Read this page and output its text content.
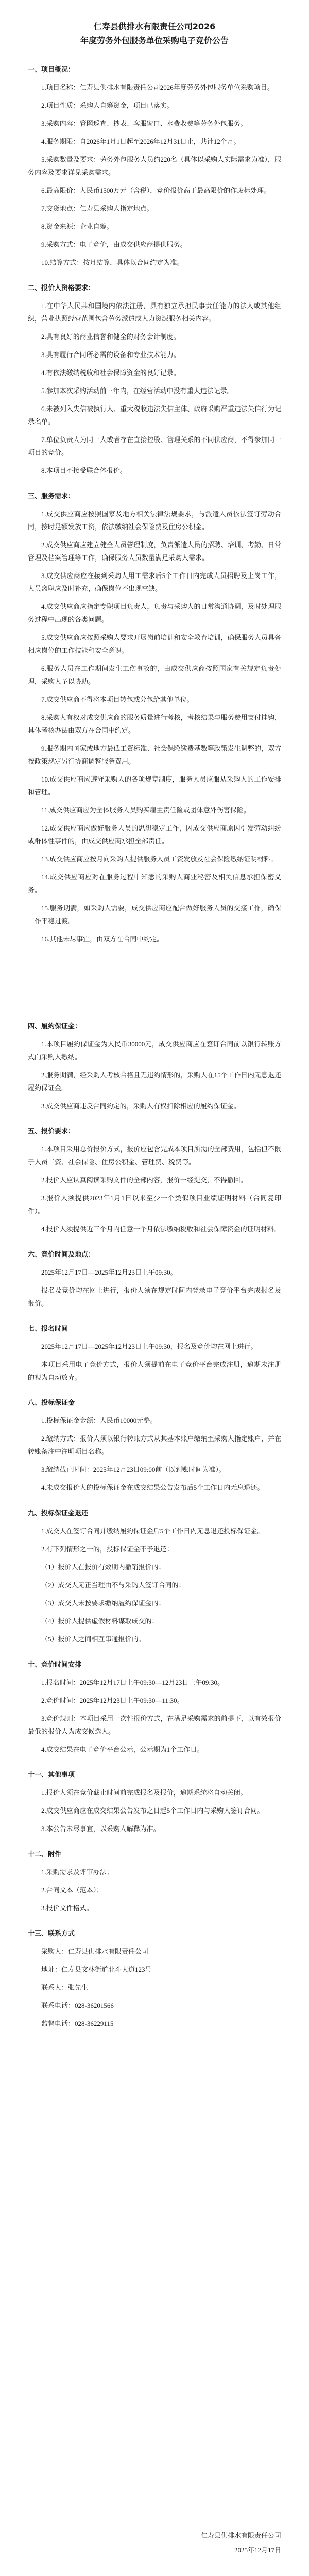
仁寿县供排水有限责任公司2026
年度劳务外包服务单位采购电子竞价公告

一、项目概况：

1.项目名称：仁寿县供排水有限责任公司2026年度劳务外包服务单位采购项目。

2.项目性质：采购人自筹资金，项目已落实。

3.采购内容：管网巡查、抄表、客服窗口、水费收费等劳务外包服务。

4.服务期限：自2026年1月1日起至2026年12月31日止，共计12个月。

5.采购数量及要求：劳务外包服务人员约220名（具体以采购人实际需求为准），服务内容及要求详见采购需求。

6.最高限价：人民币1500万元（含税），竞价报价高于最高限价的作废标处理。

7.交货地点：仁寿县采购人指定地点。

8.资金来源：企业自筹。

9.采购方式：电子竞价，由成交供应商提供服务。

10.结算方式：按月结算，具体以合同约定为准。

二、报价人资格要求：

1.在中华人民共和国境内依法注册，具有独立承担民事责任能力的法人或其他组织，营业执照经营范围包含劳务派遣或人力资源服务相关内容。

2.具有良好的商业信誉和健全的财务会计制度。

3.具有履行合同所必需的设备和专业技术能力。

4.有依法缴纳税收和社会保障资金的良好记录。

5.参加本次采购活动前三年内，在经营活动中没有重大违法记录。

6.未被列入失信被执行人、重大税收违法失信主体、政府采购严重违法失信行为记录名单。

7.单位负责人为同一人或者存在直接控股、管理关系的不同供应商，不得参加同一项目的竞价。

8.本项目不接受联合体报价。

三、服务需求：

1.成交供应商应按照国家及地方相关法律法规要求，与派遣人员依法签订劳动合同，按时足额发放工资，依法缴纳社会保险费及住房公积金。

2.成交供应商应建立健全人员管理制度，负责派遣人员的招聘、培训、考勤、日常管理及档案管理等工作，确保服务人员数量满足采购人需求。

3.成交供应商应在接到采购人用工需求后5个工作日内完成人员招聘及上岗工作，人员离职应及时补充，确保岗位不出现空缺。

4.成交供应商应指定专职项目负责人，负责与采购人的日常沟通协调，及时处理服务过程中出现的各类问题。

5.成交供应商应按照采购人要求开展岗前培训和安全教育培训，确保服务人员具备相应岗位的工作技能和安全意识。

6.服务人员在工作期间发生工伤事故的，由成交供应商按照国家有关规定负责处理，采购人予以协助。

7.成交供应商不得将本项目转包或分包给其他单位。

8.采购人有权对成交供应商的服务质量进行考核，考核结果与服务费用支付挂钩，具体考核办法由双方在合同中约定。

9.服务期内国家或地方最低工资标准、社会保险缴费基数等政策发生调整的，双方按政策规定另行协商调整服务费用。

10.成交供应商应遵守采购人的各项规章制度，服务人员应服从采购人的工作安排和管理。

11.成交供应商应为全体服务人员购买雇主责任险或团体意外伤害保险。

12.成交供应商应做好服务人员的思想稳定工作，因成交供应商原因引发劳动纠纷或群体性事件的，由成交供应商承担全部责任。

13.成交供应商应按月向采购人提供服务人员工资发放及社会保险缴纳证明材料。

14.成交供应商应对在服务过程中知悉的采购人商业秘密及相关信息承担保密义务。

15.服务期满，如采购人需要，成交供应商应配合做好服务人员的交接工作，确保工作平稳过渡。

16.其他未尽事宜，由双方在合同中约定。

四、履约保证金：

1.本项目履约保证金为人民币30000元，成交供应商应在签订合同前以银行转账方式向采购人缴纳。

2.服务期满，经采购人考核合格且无违约情形的，采购人在15个工作日内无息退还履约保证金。

3.成交供应商违反合同约定的，采购人有权扣除相应的履约保证金。

五、报价要求：

1.本项目采用总价报价方式，报价应包含完成本项目所需的全部费用，包括但不限于人员工资、社会保险、住房公积金、管理费、税费等。

2.报价人应认真阅读采购文件的全部内容，报价一经提交，不得撤回。

3.报价人须提供2023年1月1日以来至少一个类似项目业绩证明材料（合同复印件）。

4.报价人须提供近三个月内任意一个月依法缴纳税收和社会保障资金的证明材料。

六、竞价时间及地点：

2025年12月17日—2025年12月23日上午09:30。

报名及竞价均在网上进行，报价人须在规定时间内登录电子竞价平台完成报名及报价。

七、报名时间

2025年12月17日—2025年12月23日上午09:30，报名及竞价均在网上进行。

本项目采用电子竞价方式，报价人须提前在电子竞价平台完成注册，逾期未注册的视为自动放弃。

八、投标保证金

1.投标保证金金额：人民币10000元整。

2.缴纳方式：报价人须以银行转账方式从其基本账户缴纳至采购人指定账户，并在转账备注中注明项目名称。

3.缴纳截止时间：2025年12月23日09:00前（以到账时间为准）。

4.未成交报价人的投标保证金在成交结果公告发布后5个工作日内无息退还。

九、投标保证金退还

1.成交人在签订合同并缴纳履约保证金后5个工作日内无息退还投标保证金。

2.有下列情形之一的，投标保证金不予退还：

（1）报价人在报价有效期内撤销报价的；

（2）成交人无正当理由不与采购人签订合同的；

（3）成交人未按要求缴纳履约保证金的；

（4）报价人提供虚假材料谋取成交的；

（5）报价人之间相互串通报价的。

十、竞价时间安排

1.报名时间：2025年12月17日上午09:30—12月23日上午09:30。

2.竞价时间：2025年12月23日上午09:30—11:30。

3.竞价规则：本项目采用一次性报价方式，在满足采购需求的前提下，以有效报价最低的报价人为成交候选人。

4.成交结果在电子竞价平台公示，公示期为1个工作日。

十一、其他事项

1.报价人须在竞价截止时间前完成报名及报价，逾期系统将自动关闭。

2.成交供应商应在成交结果公告发布之日起5个工作日内与采购人签订合同。

3.本公告未尽事宜，以采购人解释为准。

十二、附件

1.采购需求及评审办法；

2.合同文本（范本）；

3.报价文件格式。

十三、联系方式

采购人：仁寿县供排水有限责任公司

地址：仁寿县文林街道北斗大道123号

联系人：张先生

联系电话：028-36201566

监督电话：028-36229115

仁寿县供排水有限责任公司
2025年12月17日
